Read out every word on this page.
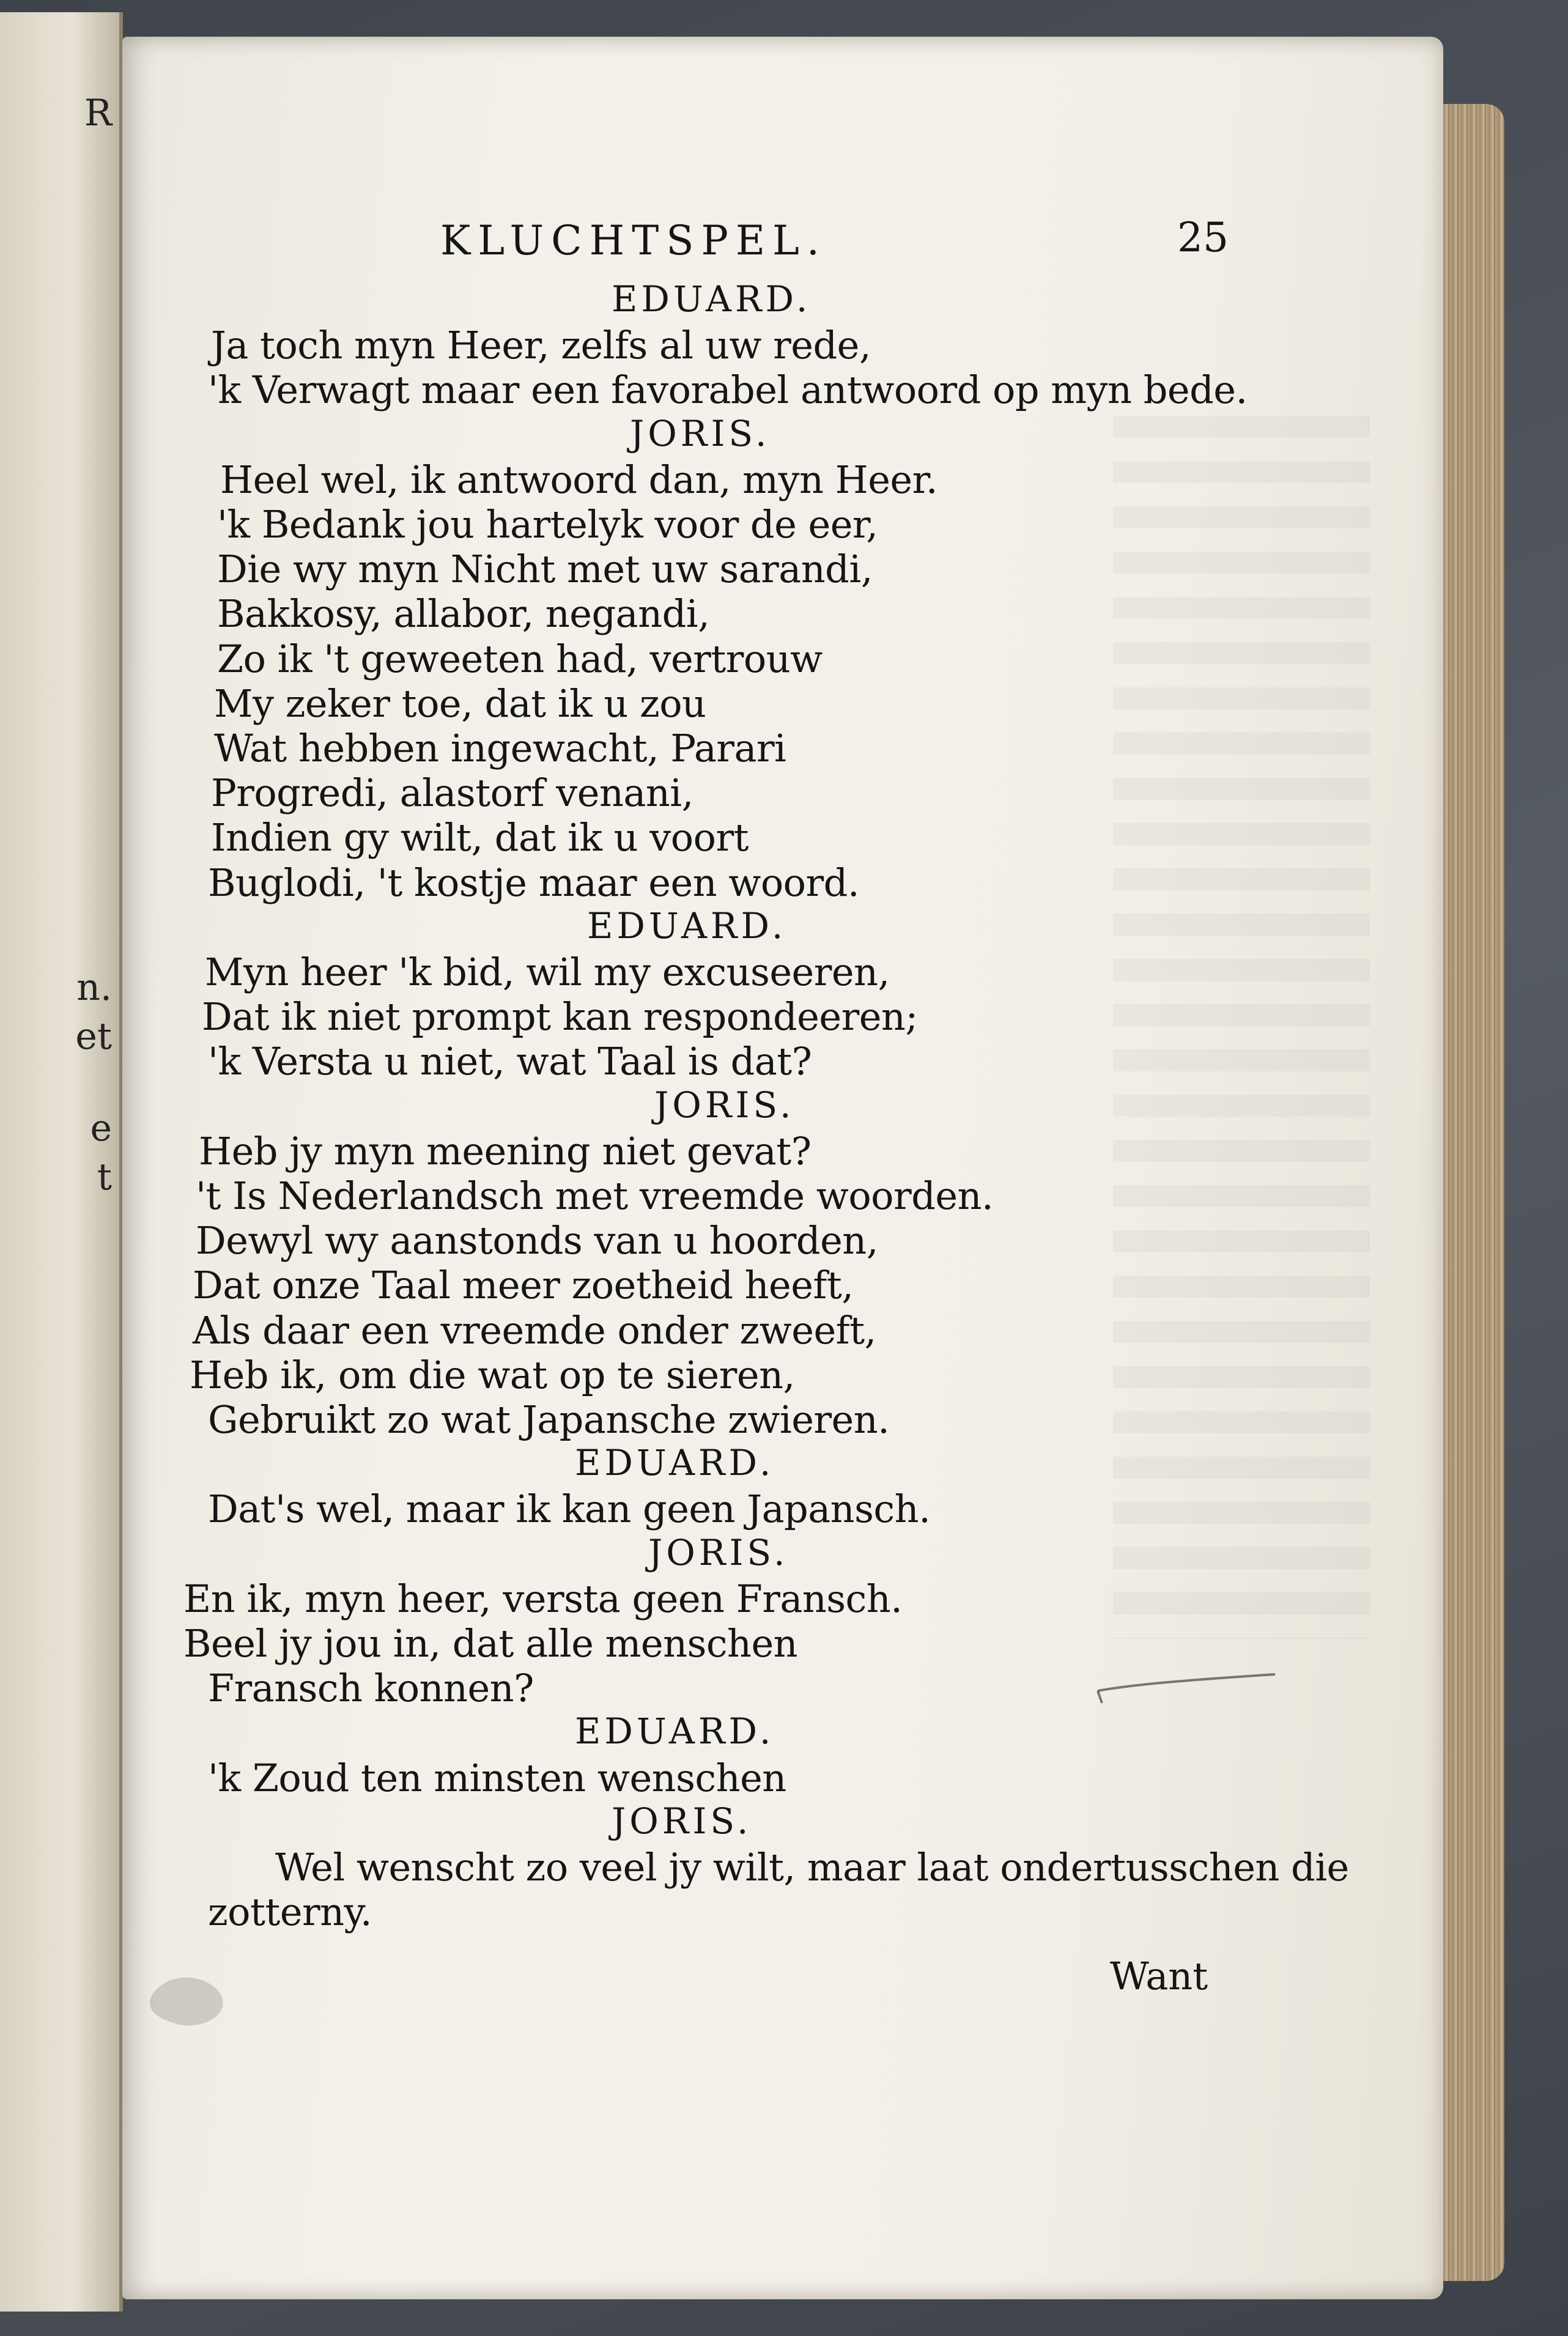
R
n.
et
e
t
KLUCHTSPEL.	25
EDUARD.
Ja toch myn Heer, zelfs al uw rede,
'k Verwagt maar een favorabel antwoord op myn bede.
JORIS.
Heel wel, ik antwoord dan, myn Heer.
'k Bedank jou hartelyk voor de eer,
Die wy myn Nicht met uw sarandi,
Bakkosy, allabor, negandi,
Zo ik 't geweeten had, vertrouw
My zeker toe, dat ik u zou
Wat hebben ingewacht, Parari
Progredi, alastorf venani,
Indien gy wilt, dat ik u voort
Buglodi, 't kostje maar een woord.
EDUARD.
Myn heer 'k bid, wil my excuseeren,
Dat ik niet prompt kan respondeeren;
'k Versta u niet, wat Taal is dat?
JORIS.
Heb jy myn meening niet gevat?
't Is Nederlandsch met vreemde woorden.
Dewyl wy aanstonds van u hoorden,
Dat onze Taal meer zoetheid heeft,
Als daar een vreemde onder zweeft,
Heb ik, om die wat op te sieren,
Gebruikt zo wat Japansche zwieren.
EDUARD.
Dat's wel, maar ik kan geen Japansch.
JORIS.
En ik, myn heer, versta geen Fransch.
Beel jy jou in, dat alle menschen
Fransch konnen?
EDUARD.
'k Zoud ten minsten wenschen
JORIS.
Wel wenscht zo veel jy wilt, maar laat ondertusschen die
zotterny.
Want
